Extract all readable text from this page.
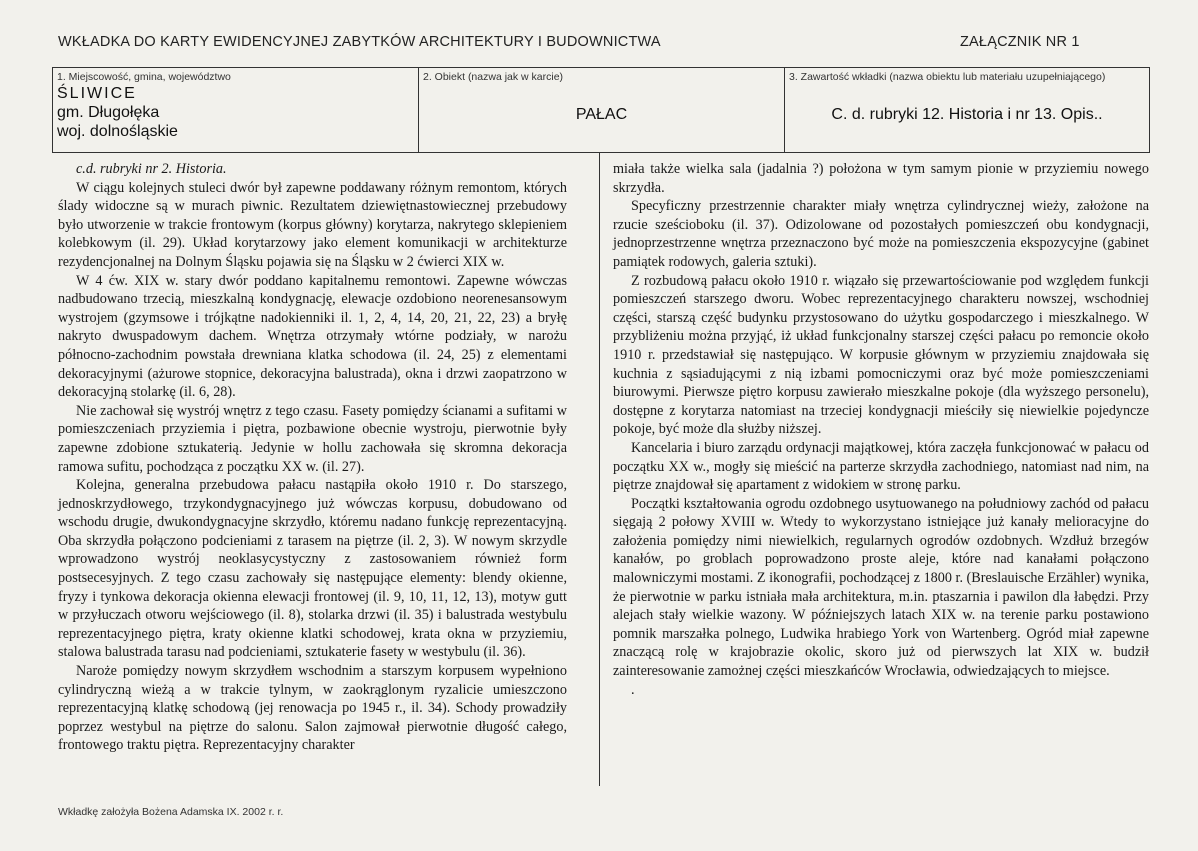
WKŁADKA DO KARTY EWIDENCYJNEJ ZABYTKÓW ARCHITEKTURY I BUDOWNICTWA	ZAŁĄCZNIK NR 1
1. Miejscowość, gmina, województwo
ŚLIWICE
gm. Długołęka
woj. dolnośląskie
2. Obiekt (nazwa jak w karcie)
PAŁAC
3. Zawartość wkładki (nazwa obiektu lub materiału uzupełniającego)
C. d. rubryki 12. Historia i nr 13. Opis..

c.d. rubryki nr 2. Historia.

W ciągu kolejnych stuleci dwór był zapewne poddawany różnym remontom, których ślady widoczne są w murach piwnic. Rezultatem dziewiętnastowiecznej przebudowy było utworzenie w trakcie frontowym (korpus główny) korytarza, nakrytego sklepieniem kolebkowym (il. 29). Układ korytarzowy jako element komunikacji w architekturze rezydencjonalnej na Dolnym Śląsku pojawia się na Śląsku w 2 ćwierci XIX w.

W 4 ćw. XIX w. stary dwór poddano kapitalnemu remontowi. Zapewne wówczas nadbudowano trzecią, mieszkalną kondygnację, elewacje ozdobiono neorenesansowym wystrojem (gzymsowe i trójkątne nadokienniki il. 1, 2, 4, 14, 20, 21, 22, 23) a bryłę nakryto dwuspadowym dachem. Wnętrza otrzymały wtórne podziały, w narożu północno-zachodnim powstała drewniana klatka schodowa (il. 24, 25) z elementami dekoracyjnymi (ażurowe stopnice, dekoracyjna balustrada), okna i drzwi zaopatrzono w dekoracyjną stolarkę (il. 6, 28).

Nie zachował się wystrój wnętrz z tego czasu. Fasety pomiędzy ścianami a sufitami w pomieszczeniach przyziemia i piętra, pozbawione obecnie wystroju, pierwotnie były zapewne zdobione sztukaterią. Jedynie w hollu zachowała się skromna dekoracja ramowa sufitu, pochodząca z początku XX w. (il. 27).

Kolejna, generalna przebudowa pałacu nastąpiła około 1910 r. Do starszego, jednoskrzydłowego, trzykondygnacyjnego już wówczas korpusu, dobudowano od wschodu drugie, dwukondygnacyjne skrzydło, któremu nadano funkcję reprezentacyjną. Oba skrzydła połączono podcieniami z tarasem na piętrze (il. 2, 3). W nowym skrzydle wprowadzono wystrój neoklasycystyczny z zastosowaniem również form postsecesyjnych. Z tego czasu zachowały się następujące elementy: blendy okienne, fryzy i tynkowa dekoracja okienna elewacji frontowej (il. 9, 10, 11, 12, 13), motyw gutt w przyłuczach otworu wejściowego (il. 8), stolarka drzwi (il. 35) i balustrada westybulu reprezentacyjnego piętra, kraty okienne klatki schodowej, krata okna w przyziemiu, stalowa balustrada tarasu nad podcieniami, sztukaterie fasety w westybulu (il. 36).

Naroże pomiędzy nowym skrzydłem wschodnim a starszym korpusem wypełniono cylindryczną wieżą a w trakcie tylnym, w zaokrąglonym ryzalicie umieszczono reprezentacyjną klatkę schodową (jej renowacja po 1945 r., il. 34). Schody prowadziły poprzez westybul na piętrze do salonu. Salon zajmował pierwotnie długość całego, frontowego traktu piętra. Reprezentacyjny charakter

miała także wielka sala (jadalnia ?) położona w tym samym pionie w przyziemiu nowego skrzydła.

Specyficzny przestrzennie charakter miały wnętrza cylindrycznej wieży, założone na rzucie sześcioboku (il. 37). Odizolowane od pozostałych pomieszczeń obu kondygnacji, jednoprzestrzenne wnętrza przeznaczono być może na pomieszczenia ekspozycyjne (gabinet pamiątek rodowych, galeria sztuki).

Z rozbudową pałacu około 1910 r. wiązało się przewartościowanie pod względem funkcji pomieszczeń starszego dworu. Wobec reprezentacyjnego charakteru nowszej, wschodniej części, starszą część budynku przystosowano do użytku gospodarczego i mieszkalnego. W przybliżeniu można przyjąć, iż układ funkcjonalny starszej części pałacu po remoncie około 1910 r. przedstawiał się następująco. W korpusie głównym w przyziemiu znajdowała się kuchnia z sąsiadującymi z nią izbami pomocniczymi oraz być może pomieszczeniami biurowymi. Pierwsze piętro korpusu zawierało mieszkalne pokoje (dla wyższego personelu), dostępne z korytarza natomiast na trzeciej kondygnacji mieściły się niewielkie pojedyncze pokoje, być może dla służby niższej.

Kancelaria i biuro zarządu ordynacji majątkowej, która zaczęła funkcjonować w pałacu od początku XX w., mogły się mieścić na parterze skrzydła zachodniego, natomiast nad nim, na piętrze znajdował się apartament z widokiem w stronę parku.

Początki kształtowania ogrodu ozdobnego usytuowanego na południowy zachód od pałacu sięgają 2 połowy XVIII w. Wtedy to wykorzystano istniejące już kanały melioracyjne do założenia pomiędzy nimi niewielkich, regularnych ogrodów ozdobnych. Wzdłuż brzegów kanałów, po groblach poprowadzono proste aleje, które nad kanałami połączono malowniczymi mostami. Z ikonografii, pochodzącej z 1800 r. (Breslauische Erzähler) wynika, że pierwotnie w parku istniała mała architektura, m.in. ptaszarnia i pawilon dla łabędzi. Przy alejach stały wielkie wazony. W późniejszych latach XIX w. na terenie parku postawiono pomnik marszałka polnego, Ludwika hrabiego York von Wartenberg. Ogród miał zapewne znaczącą rolę w krajobrazie okolic, skoro już od pierwszych lat XIX w. budził zainteresowanie zamożnej części mieszkańców Wrocławia, odwiedzających to miejsce.

.

Wkładkę założyła Bożena Adamska IX. 2002 r. r.
